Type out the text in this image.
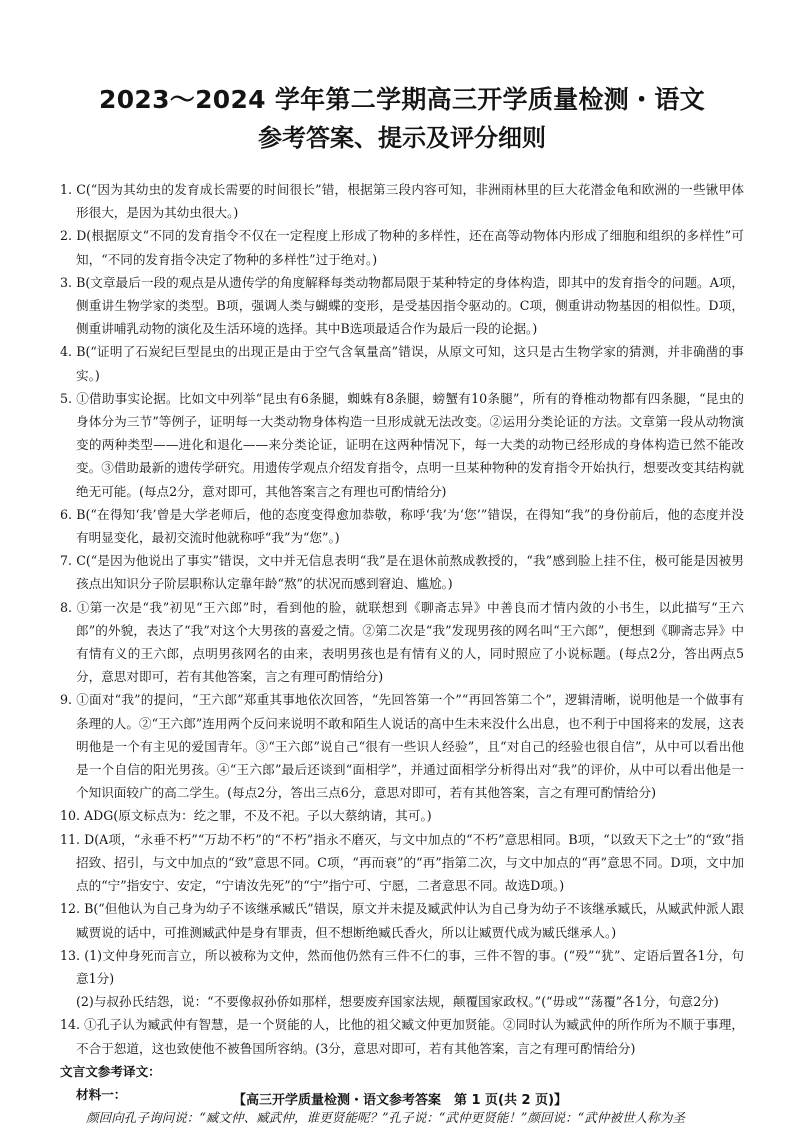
2023～2024 学年第二学期高三开学质量检测・语文
参考答案、提示及评分细则

1. C(“因为其幼虫的发育成长需要的时间很长”错，根据第三段内容可知，非洲雨林里的巨大花潜金龟和欧洲的一些锹甲体形很大，是因为其幼虫很大。)

2. D(根据原文“不同的发育指令不仅在一定程度上形成了物种的多样性，还在高等动物体内形成了细胞和组织的多样性”可知，“不同的发育指令决定了物种的多样性”过于绝对。)

3. B(文章最后一段的观点是从遗传学的角度解释每类动物都局限于某种特定的身体构造，即其中的发育指令的问题。A项，侧重讲生物学家的类型。B项，强调人类与蝴蝶的变形，是受基因指令驱动的。C项，侧重讲动物基因的相似性。D项，侧重讲哺乳动物的演化及生活环境的选择。其中B选项最适合作为最后一段的论据。)

4. B(“证明了石炭纪巨型昆虫的出现正是由于空气含氧量高”错误，从原文可知，这只是古生物学家的猜测，并非确凿的事实。)

5. ①借助事实论据。比如文中列举“昆虫有6条腿，蜘蛛有8条腿，螃蟹有10条腿”，所有的脊椎动物都有四条腿，“昆虫的身体分为三节”等例子，证明每一大类动物身体构造一旦形成就无法改变。②运用分类论证的方法。文章第一段从动物演变的两种类型——进化和退化——来分类论证，证明在这两种情况下，每一大类的动物已经形成的身体构造已然不能改变。③借助最新的遗传学研究。用遗传学观点介绍发育指令，点明一旦某种物种的发育指令开始执行，想要改变其结构就绝无可能。(每点2分，意对即可，其他答案言之有理也可酌情给分)

6. B(“在得知‘我’曾是大学老师后，他的态度变得愈加恭敬，称呼‘我’为‘您’”错误，在得知“我”的身份前后，他的态度并没有明显变化，最初交流时他就称呼“我”为“您”。)

7. C(“是因为他说出了事实”错误，文中并无信息表明“我”是在退休前熬成教授的，“我”感到脸上挂不住，极可能是因被男孩点出知识分子阶层职称认定靠年龄“熬”的状况而感到窘迫、尴尬。)

8. ①第一次是“我”初见“王六郎”时，看到他的脸，就联想到《聊斋志异》中善良而才情内敛的小书生，以此描写“王六郎”的外貌，表达了“我”对这个大男孩的喜爱之情。②第二次是“我”发现男孩的网名叫“王六郎”，便想到《聊斋志异》中有情有义的王六郎，点明男孩网名的由来，表明男孩也是有情有义的人，同时照应了小说标题。(每点2分，答出两点5分，意思对即可，若有其他答案，言之有理可酌情给分)

9. ①面对“我”的提问，“王六郎”郑重其事地依次回答，“先回答第一个”“再回答第二个”，逻辑清晰，说明他是一个做事有条理的人。②“王六郎”连用两个反问来说明不敢和陌生人说话的高中生未来没什么出息，也不利于中国将来的发展，这表明他是一个有主见的爱国青年。③“王六郎”说自己“很有一些识人经验”，且“对自己的经验也很自信”，从中可以看出他是一个自信的阳光男孩。④“王六郎”最后还谈到“面相学”，并通过面相学分析得出对“我”的评价，从中可以看出他是一个知识面较广的高二学生。(每点2分，答出三点6分，意思对即可，若有其他答案，言之有理可酌情给分)

10. ADG(原文标点为：纥之罪，不及不祀。子以大蔡纳请，其可。)

11. D(A项，“永垂不朽”“万劫不朽”的“不朽”指永不磨灭，与文中加点的“不朽”意思相同。B项，“以致天下之士”的“致”指招致、招引，与文中加点的“致”意思不同。C项，“再而衰”的“再”指第二次，与文中加点的“再”意思不同。D项，文中加点的“宁”指安宁、安定，“宁请汝先死”的“宁”指宁可、宁愿，二者意思不同。故选D项。)

12. B(“但他认为自己身为幼子不该继承臧氏”错误，原文并未提及臧武仲认为自己身为幼子不该继承臧氏，从臧武仲派人跟臧贾说的话中，可推测臧武仲是身有罪责，但不想断绝臧氏香火，所以让臧贾代成为臧氏继承人。)

13. (1)文仲身死而言立，所以被称为文仲，然而他仍然有三件不仁的事，三件不智的事。(“殁”“犹”、定语后置各1分，句意1分)

(2)与叔孙氏结怨，说：“不要像叔孙侨如那样，想要废弃国家法规，颠覆国家政权。”(“毋或”“荡覆”各1分，句意2分)

14. ①孔子认为臧武仲有智慧，是一个贤能的人，比他的祖父臧文仲更加贤能。②同时认为臧武仲的所作所为不顺于事理，不合于恕道，这也致使他不被鲁国所容纳。(3分，意思对即可，若有其他答案，言之有理可酌情给分)

文言文参考译文：

材料一：

颜回向孔子询问说：“臧文仲、臧武仲，谁更贤能呢？”孔子说：“武仲更贤能！”颜回说：“武仲被世人称为圣

【高三开学质量检测・语文参考答案　第 1 页(共 2 页)】
